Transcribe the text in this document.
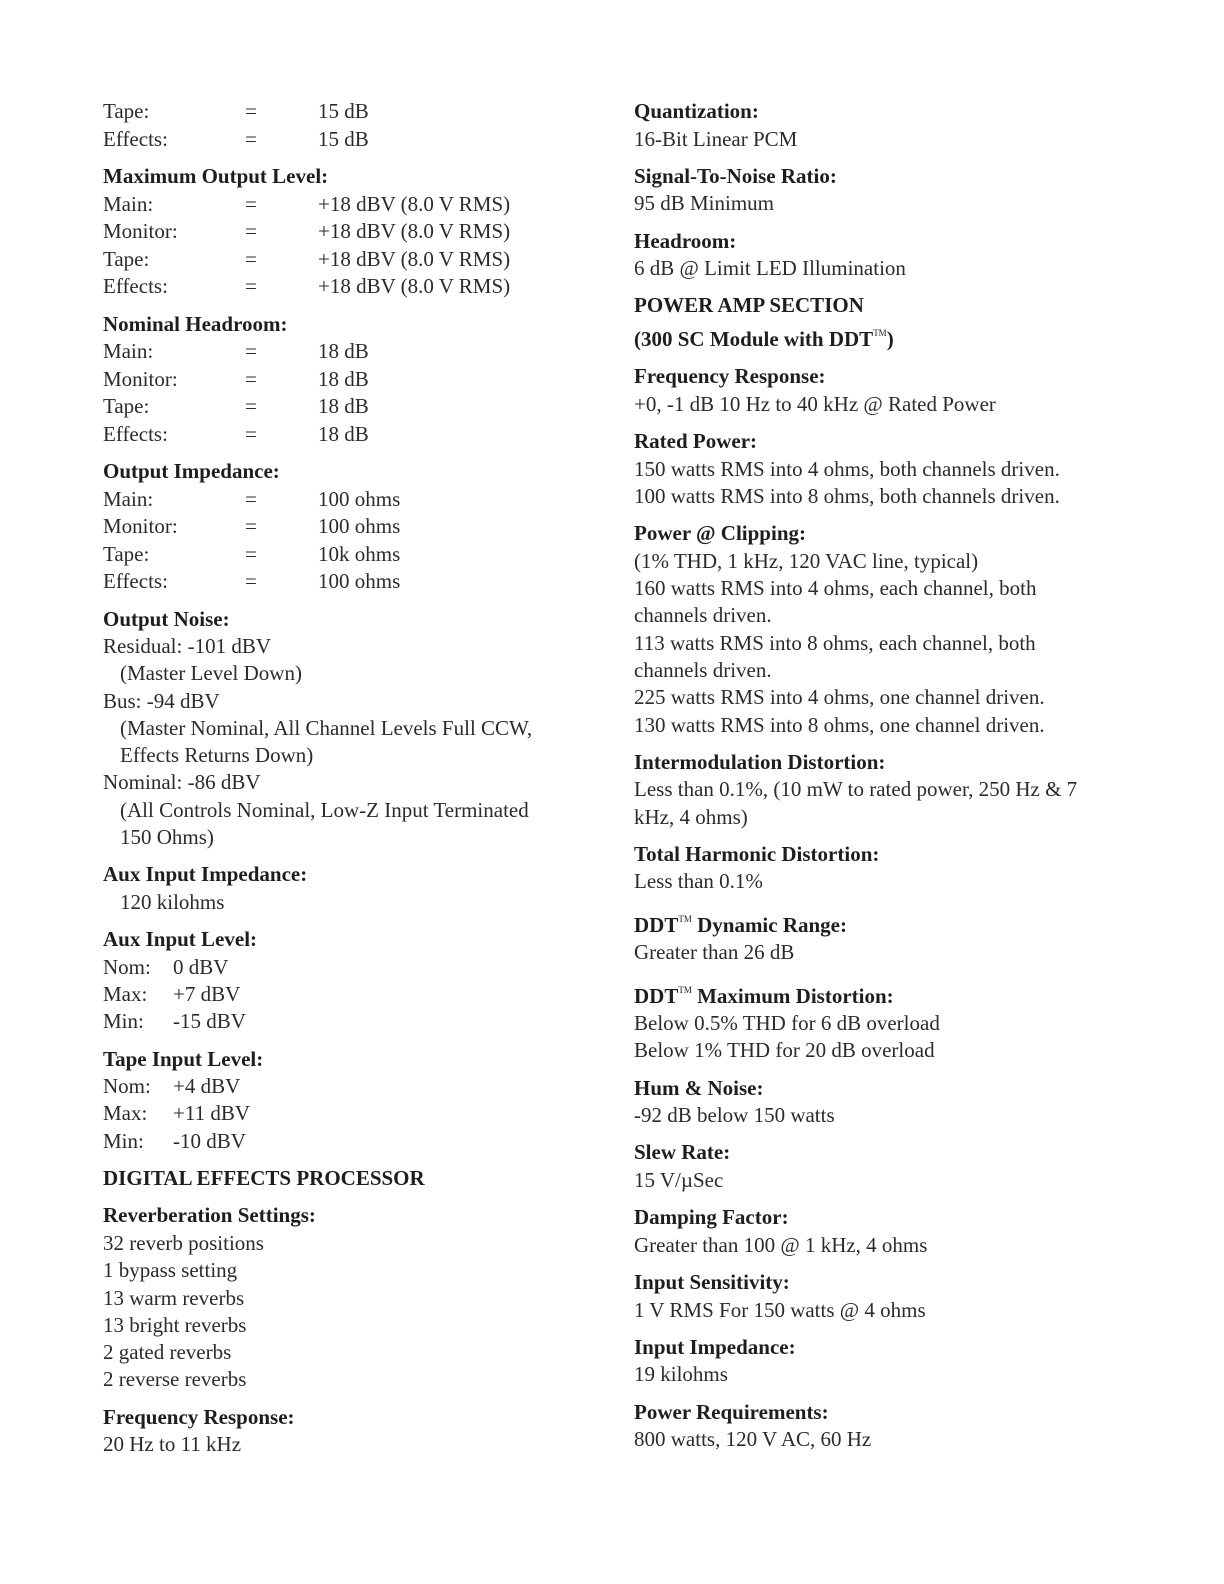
Tape:	=	15 dB
Effects:	=	15 dB
Maximum Output Level:
Main:	=	+18 dBV (8.0 V RMS)
Monitor:	=	+18 dBV (8.0 V RMS)
Tape:	=	+18 dBV (8.0 V RMS)
Effects:	=	+18 dBV (8.0 V RMS)
Nominal Headroom:
Main:	=	18 dB
Monitor:	=	18 dB
Tape:	=	18 dB
Effects:	=	18 dB
Output Impedance:
Main:	=	100 ohms
Monitor:	=	100 ohms
Tape:	=	10k ohms
Effects:	=	100 ohms
Output Noise:
Residual: -101 dBV
(Master Level Down)
Bus: -94 dBV
(Master Nominal, All Channel Levels Full CCW,
Effects Returns Down)
Nominal: -86 dBV
(All Controls Nominal, Low-Z Input Terminated
150 Ohms)
Aux Input Impedance:
120 kilohms
Aux Input Level:
Nom:	0 dBV
Max:	+7 dBV
Min:	-15 dBV
Tape Input Level:
Nom:	+4 dBV
Max:	+11 dBV
Min:	-10 dBV
DIGITAL EFFECTS PROCESSOR
Reverberation Settings:
32 reverb positions
1 bypass setting
13 warm reverbs
13 bright reverbs
2 gated reverbs
2 reverse reverbs
Frequency Response:
20 Hz to 11 kHz
Quantization:
16-Bit Linear PCM
Signal-To-Noise Ratio:
95 dB Minimum
Headroom:
6 dB @ Limit LED Illumination
POWER AMP SECTION
(300 SC Module with DDT™)
Frequency Response:
+0, -1 dB 10 Hz to 40 kHz @ Rated Power
Rated Power:
150 watts RMS into 4 ohms, both channels driven.
100 watts RMS into 8 ohms, both channels driven.
Power @ Clipping:
(1% THD, 1 kHz, 120 VAC line, typical)
160 watts RMS into 4 ohms, each channel, both
channels driven.
113 watts RMS into 8 ohms, each channel, both
channels driven.
225 watts RMS into 4 ohms, one channel driven.
130 watts RMS into 8 ohms, one channel driven.
Intermodulation Distortion:
Less than 0.1%, (10 mW to rated power, 250 Hz & 7
kHz, 4 ohms)
Total Harmonic Distortion:
Less than 0.1%
DDT™ Dynamic Range:
Greater than 26 dB
DDT™ Maximum Distortion:
Below 0.5% THD for 6 dB overload
Below 1% THD for 20 dB overload
Hum & Noise:
-92 dB below 150 watts
Slew Rate:
15 V/µSec
Damping Factor:
Greater than 100 @ 1 kHz, 4 ohms
Input Sensitivity:
1 V RMS For 150 watts @ 4 ohms
Input Impedance:
19 kilohms
Power Requirements:
800 watts, 120 V AC, 60 Hz
